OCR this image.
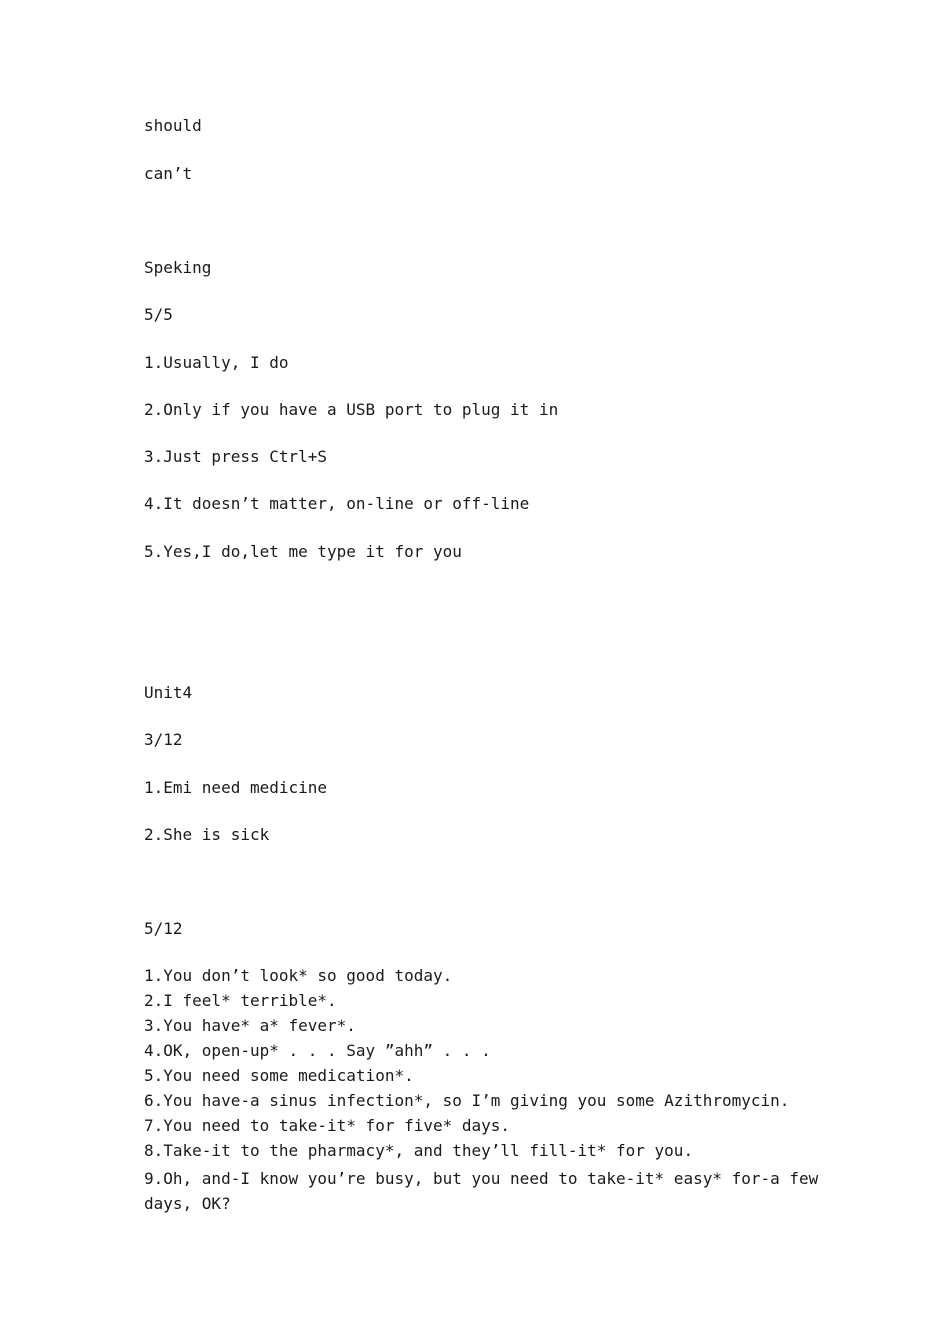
should
can’t
Speking
5/5
1.Usually, I do
2.Only if you have a USB port to plug it in
3.Just press Ctrl+S
4.It doesn’t matter, on-line or off-line
5.Yes,I do,let me type it for you
Unit4
3/12
1.Emi need medicine
2.She is sick
5/12
1.You don’t look* so good today.
2.I feel* terrible*.
3.You have* a* fever*.
4.OK, open-up* . . . Say ”ahh” . . .
5.You need some medication*.
6.You have-a sinus infection*, so I’m giving you some Azithromycin.
7.You need to take-it* for five* days.
8.Take-it to the pharmacy*, and they’ll fill-it* for you.
9.Oh, and-I know you’re busy, but you need to take-it* easy* for-a few days, OK?
